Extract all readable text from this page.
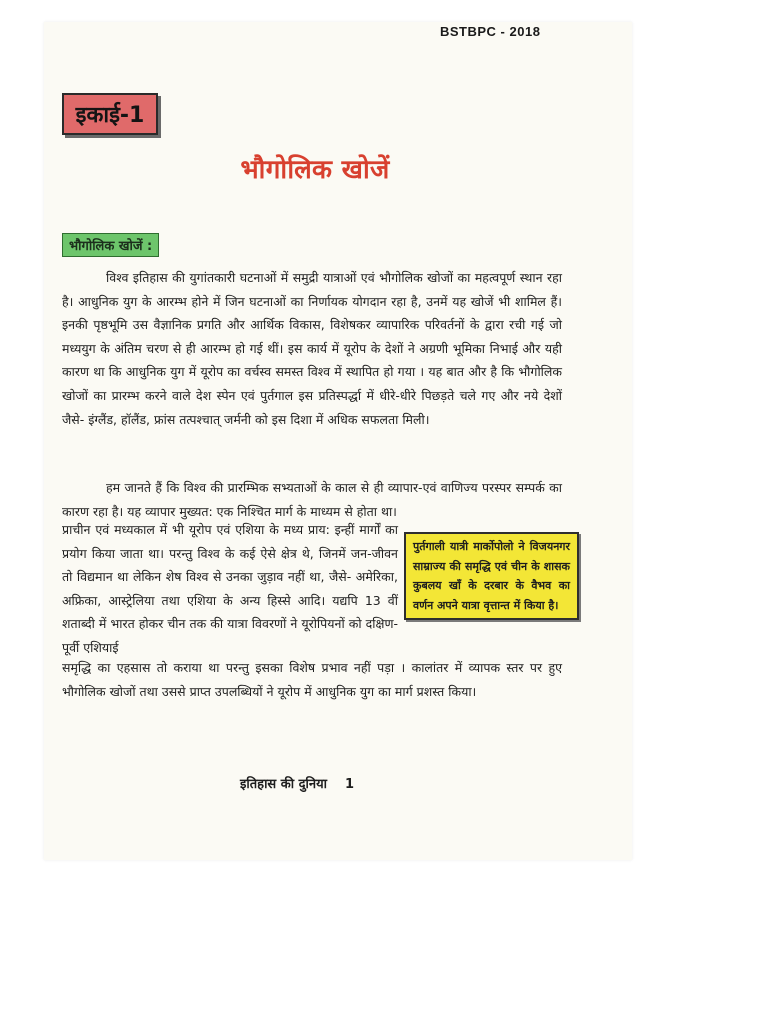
BSTBPC - 2018
इकाई-1
भौगोलिक खोजें
भौगोलिक खोजें :
विश्व इतिहास की युगांतकारी घटनाओं में समुद्री यात्राओं एवं भौगोलिक खोजों का महत्वपूर्ण स्थान रहा है। आधुनिक युग के आरम्भ होने में जिन घटनाओं का निर्णायक योगदान रहा है, उनमें यह खोजें भी शामिल हैं। इनकी पृष्ठभूमि उस वैज्ञानिक प्रगति और आर्थिक विकास, विशेषकर व्यापारिक परिवर्तनों के द्वारा रची गई जो मध्ययुग के अंतिम चरण से ही आरम्भ हो गई थीं। इस कार्य में यूरोप के देशों ने अग्रणी भूमिका निभाई और यही कारण था कि आधुनिक युग में यूरोप का वर्चस्व समस्त विश्व में स्थापित हो गया । यह बात और है कि भौगोलिक खोजों का प्रारम्भ करने वाले देश स्पेन एवं पुर्तगाल इस प्रतिस्पर्द्धा में धीरे-धीरे पिछड़ते चले गए और नये देशों जैसे- इंग्लैंड, हॉलैंड, फ्रांस तत्पश्चात् जर्मनी को इस दिशा में अधिक सफलता मिली।
हम जानते हैं कि विश्व की प्रारम्भिक सभ्यताओं के काल से ही व्यापार-एवं वाणिज्य परस्पर सम्पर्क का कारण रहा है। यह व्यापार मुख्यत: एक निश्चित मार्ग के माध्यम से होता था।
प्राचीन एवं मध्यकाल में भी यूरोप एवं एशिया के मध्य प्राय: इन्हीं मार्गों का प्रयोग किया जाता था। परन्तु विश्व के कई ऐसे क्षेत्र थे, जिनमें जन-जीवन तो विद्यमान था लेकिन शेष विश्व से उनका जुड़ाव नहीं था, जैसे- अमेरिका, अफ्रिका, आस्ट्रेलिया तथा एशिया के अन्य हिस्से आदि। यद्यपि 13 वीं शताब्दी में भारत होकर चीन तक की यात्रा विवरणों ने यूरोपियनों को दक्षिण-पूर्वी एशियाई
पुर्तगाली यात्री मार्कोपोलो ने विजयनगर साम्राज्य की समृद्धि एवं चीन के शासक कुबलय खाँ के दरबार के वैभव का वर्णन अपने यात्रा वृत्तान्त में किया है।
समृद्धि का एहसास तो कराया था परन्तु इसका विशेष प्रभाव नहीं पड़ा । कालांतर में व्यापक स्तर पर हुए भौगोलिक खोजों तथा उससे प्राप्त उपलब्धियों ने यूरोप में आधुनिक युग का मार्ग प्रशस्त किया।
इतिहास की दुनिया 1
